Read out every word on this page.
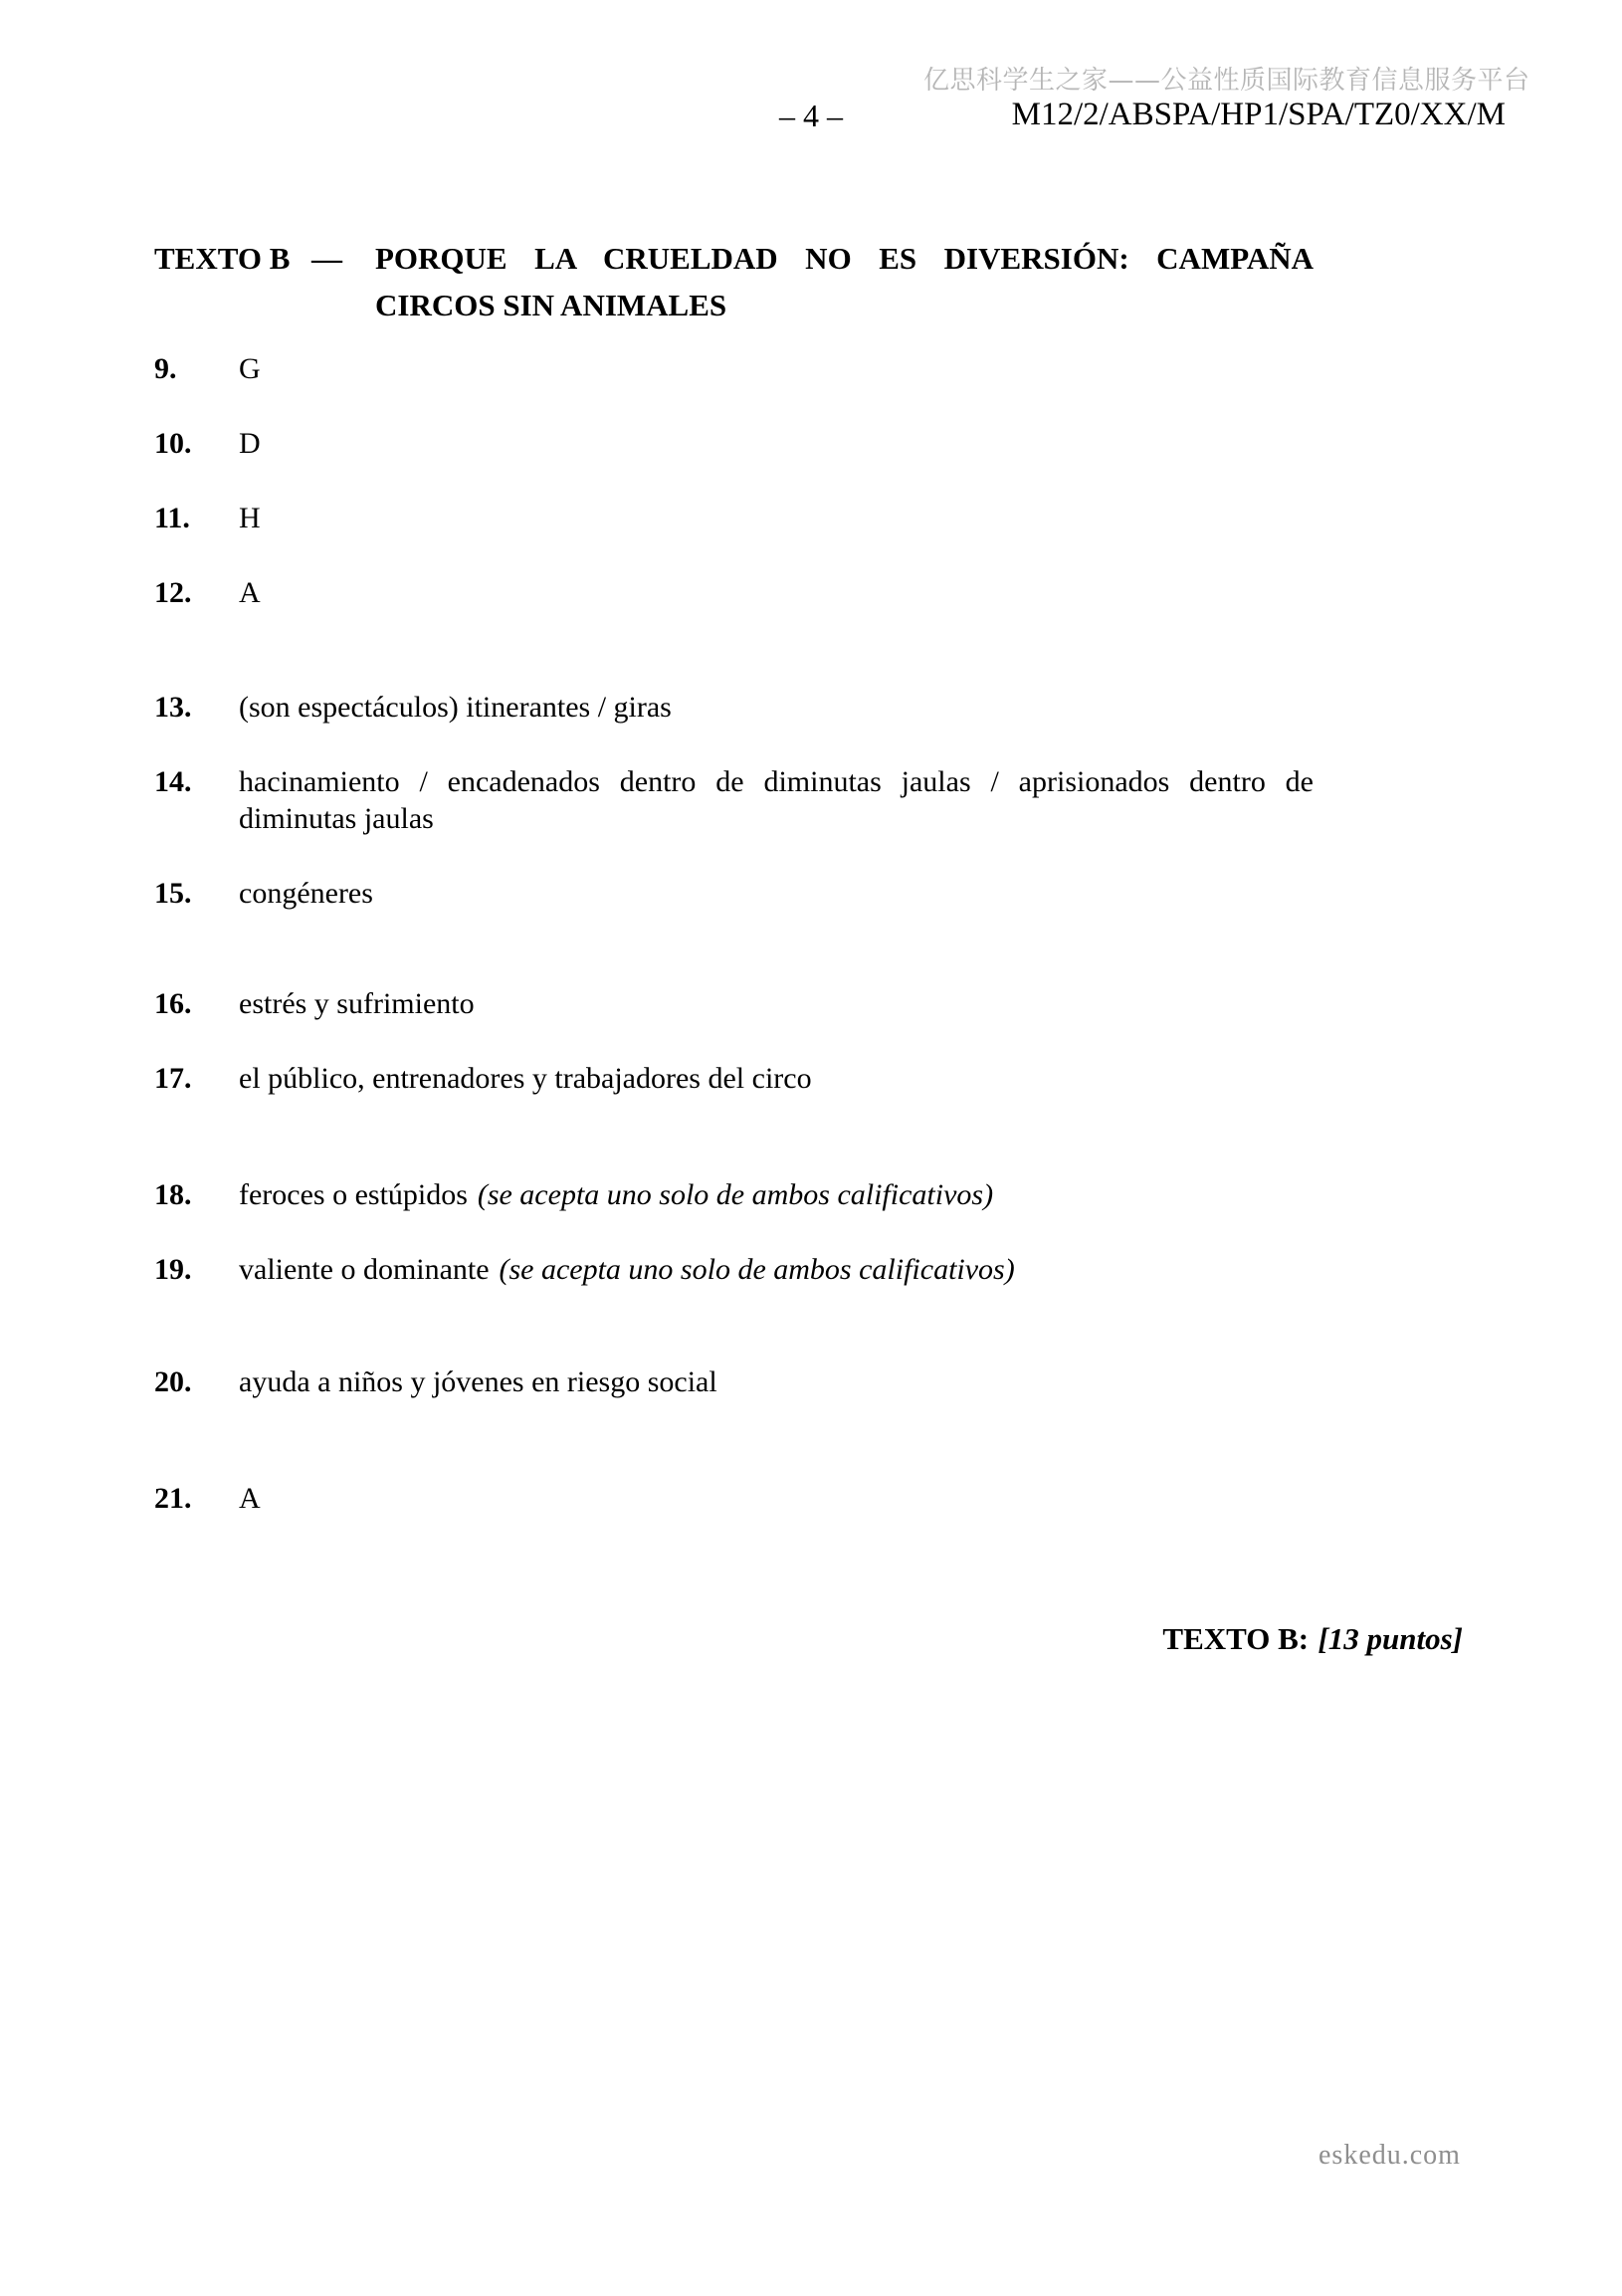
亿思科学生之家——公益性质国际教育信息服务平台
– 4 –	M12/2/ABSPA/HP1/SPA/TZ0/XX/M
TEXTO B — PORQUE LA CRUELDAD NO ES DIVERSIÓN: CAMPAÑA
CIRCOS SIN ANIMALES
9. G
10. D
11. H
12. A
13. (son espectáculos) itinerantes / giras
14. hacinamiento / encadenados dentro de diminutas jaulas / aprisionados dentro de
diminutas jaulas
15. congéneres
16. estrés y sufrimiento
17. el público, entrenadores y trabajadores del circo
18. feroces o estúpidos (se acepta uno solo de ambos calificativos)
19. valiente o dominante (se acepta uno solo de ambos calificativos)
20. ayuda a niños y jóvenes en riesgo social
21. A
TEXTO B: [13 puntos]
eskedu.com
